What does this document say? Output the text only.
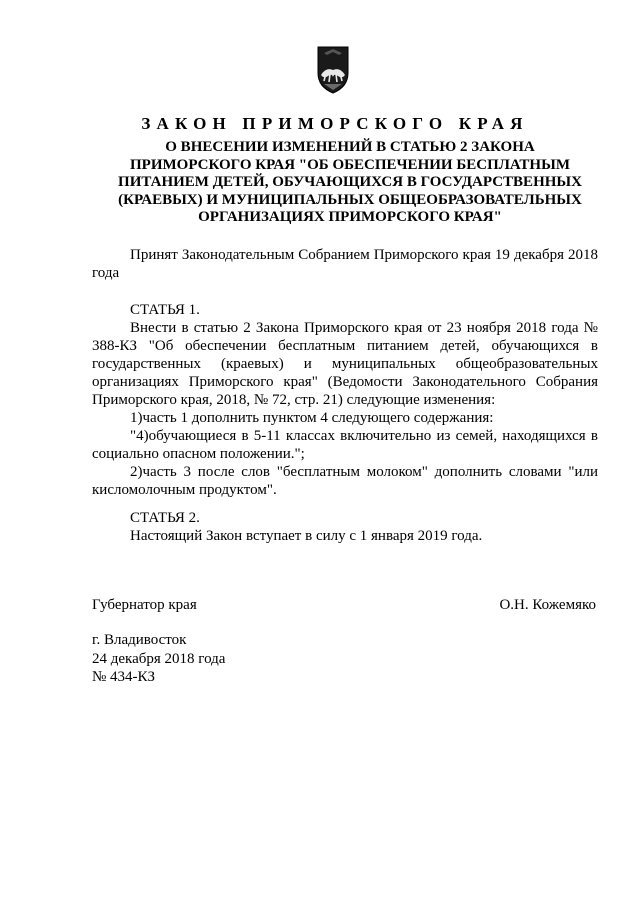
ЗАКОН ПРИМОРСКОГО КРАЯ
О ВНЕСЕНИИ ИЗМЕНЕНИЙ В СТАТЬЮ 2 ЗАКОНА
ПРИМОРСКОГО КРАЯ "ОБ ОБЕСПЕЧЕНИИ БЕСПЛАТНЫМ
ПИТАНИЕМ ДЕТЕЙ, ОБУЧАЮЩИХСЯ В ГОСУДАРСТВЕННЫХ
(КРАЕВЫХ) И МУНИЦИПАЛЬНЫХ ОБЩЕОБРАЗОВАТЕЛЬНЫХ
ОРГАНИЗАЦИЯХ ПРИМОРСКОГО КРАЯ"
Принят Законодательным Собранием Приморского края 19 декабря 2018 года
СТАТЬЯ 1.
Внести в статью 2 Закона Приморского края от 23 ноября 2018 года № 388-КЗ "Об обеспечении бесплатным питанием детей, обучающихся в государственных (краевых) и муниципальных общеобразовательных организациях Приморского края" (Ведомости Законодательного Собрания Приморского края, 2018, № 72, стр. 21) следующие изменения:
1)часть 1 дополнить пунктом 4 следующего содержания:
"4)обучающиеся в 5-11 классах включительно из семей, находящихся в социально опасном положении.";
2)часть 3 после слов "бесплатным молоком" дополнить словами "или кисломолочным продуктом".
СТАТЬЯ 2.
Настоящий Закон вступает в силу с 1 января 2019 года.
Губернатор края	О.Н. Кожемяко
г. Владивосток
24 декабря 2018 года
№ 434-КЗ
